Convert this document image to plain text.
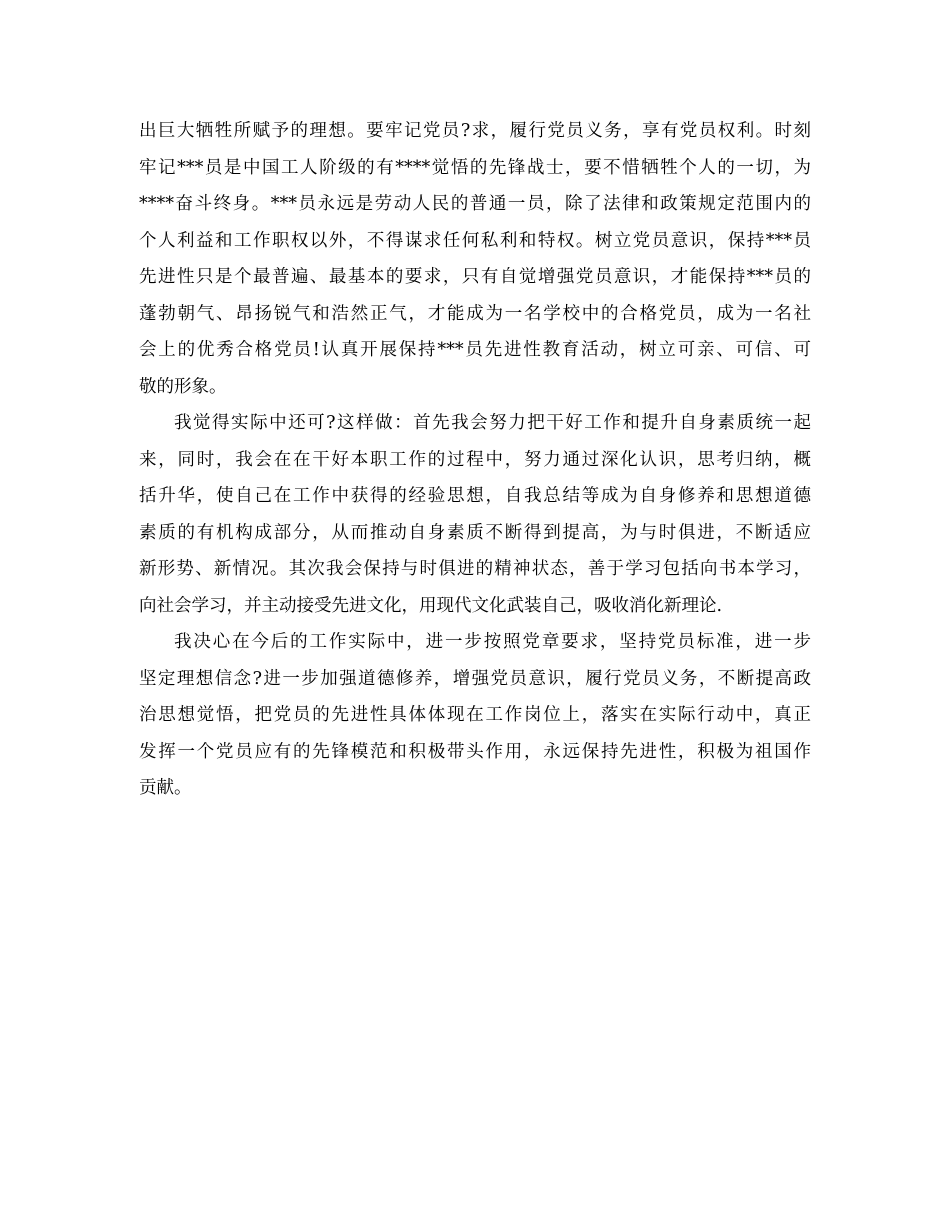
出巨大牺牲所赋予的理想。要牢记党员?求，履行党员义务，享有党员权利。时刻
牢记***员是中国工人阶级的有****觉悟的先锋战士，要不惜牺牲个人的一切，为
****奋斗终身。***员永远是劳动人民的普通一员，除了法律和政策规定范围内的
个人利益和工作职权以外，不得谋求任何私利和特权。树立党员意识，保持***员
先进性只是个最普遍、最基本的要求，只有自觉增强党员意识，才能保持***员的
蓬勃朝气、昂扬锐气和浩然正气，才能成为一名学校中的合格党员，成为一名社
会上的优秀合格党员!认真开展保持***员先进性教育活动，树立可亲、可信、可
敬的形象。
我觉得实际中还可?这样做：首先我会努力把干好工作和提升自身素质统一起
来，同时，我会在在干好本职工作的过程中，努力通过深化认识，思考归纳，概
括升华，使自己在工作中获得的经验思想，自我总结等成为自身修养和思想道德
素质的有机构成部分，从而推动自身素质不断得到提高，为与时俱进，不断适应
新形势、新情况。其次我会保持与时俱进的精神状态，善于学习包括向书本学习，
向社会学习，并主动接受先进文化，用现代文化武装自己，吸收消化新理论.
我决心在今后的工作实际中，进一步按照党章要求，坚持党员标准，进一步
坚定理想信念?进一步加强道德修养，增强党员意识，履行党员义务，不断提高政
治思想觉悟，把党员的先进性具体体现在工作岗位上，落实在实际行动中，真正
发挥一个党员应有的先锋模范和积极带头作用，永远保持先进性，积极为祖国作
贡献。
